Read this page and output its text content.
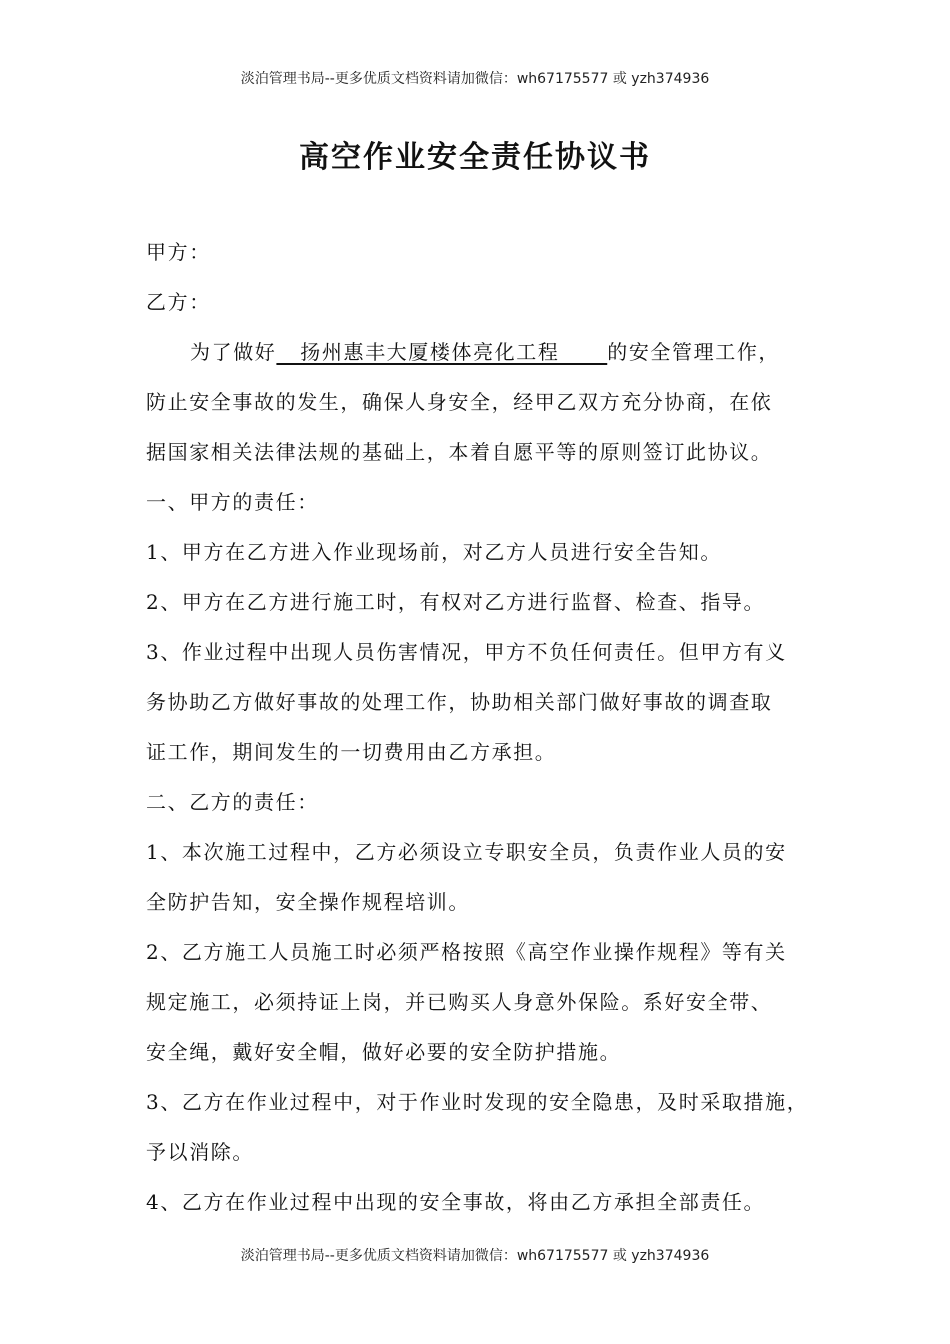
淡泊管理书局--更多优质文档资料请加微信：wh67175577 或 yzh374936
高空作业安全责任协议书
甲方：
乙方：
为了做好   扬州惠丰大厦楼体亮化工程      的安全管理工作，
防止安全事故的发生，确保人身安全，经甲乙双方充分协商，在依
据国家相关法律法规的基础上，本着自愿平等的原则签订此协议。
一、甲方的责任：
1、甲方在乙方进入作业现场前，对乙方人员进行安全告知。
2、甲方在乙方进行施工时，有权对乙方进行监督、检查、指导。
3、作业过程中出现人员伤害情况，甲方不负任何责任。但甲方有义
务协助乙方做好事故的处理工作，协助相关部门做好事故的调查取
证工作，期间发生的一切费用由乙方承担。
二、乙方的责任：
1、本次施工过程中，乙方必须设立专职安全员，负责作业人员的安
全防护告知，安全操作规程培训。
2、乙方施工人员施工时必须严格按照《高空作业操作规程》等有关
规定施工，必须持证上岗，并已购买人身意外保险。系好安全带、
安全绳，戴好安全帽，做好必要的安全防护措施。
3、乙方在作业过程中，对于作业时发现的安全隐患，及时采取措施，
予以消除。
4、乙方在作业过程中出现的安全事故，将由乙方承担全部责任。
淡泊管理书局--更多优质文档资料请加微信：wh67175577 或 yzh374936
